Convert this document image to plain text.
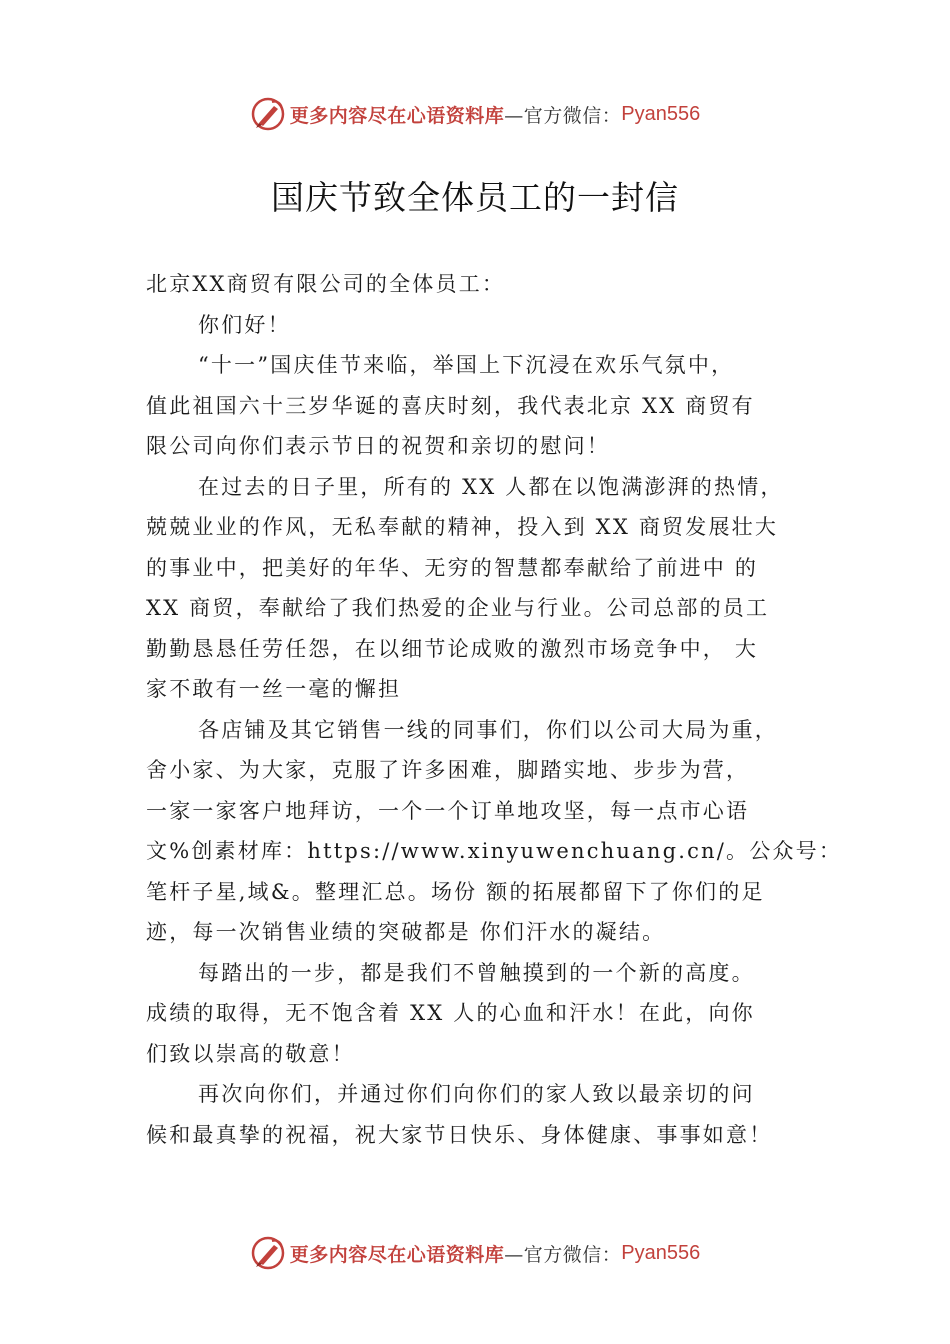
更多内容尽在心语资料库 —官方微信： Pyan556
国庆节致全体员工的一封信

北京XX商贸有限公司的全体员工：

你们好！

“十一”国庆佳节来临，举国上下沉浸在欢乐气氛中，

值此祖国六十三岁华诞的喜庆时刻，我代表北京 XX 商贸有

限公司向你们表示节日的祝贺和亲切的慰问！

在过去的日子里，所有的 XX 人都在以饱满澎湃的热情，

兢兢业业的作风，无私奉献的精神，投入到 XX 商贸发展壮大

的事业中，把美好的年华、无穷的智慧都奉献给了前进中 的

XX 商贸，奉献给了我们热爱的企业与行业。公司总部的员工

勤勤恳恳任劳任怨，在以细节论成败的激烈市场竞争中， 大

家不敢有一丝一毫的懈担

各店铺及其它销售一线的同事们，你们以公司大局为重，

舍小家、为大家，克服了许多困难，脚踏实地、步步为营，

一家一家客户地拜访，一个一个订单地攻坚，每一点市心语

文%创素材库：https://www.xinyuwenchuang.cn/。公众号：

笔杆子星,域&。整理汇总。场份 额的拓展都留下了你们的足

迹，每一次销售业绩的突破都是 你们汗水的凝结。

每踏出的一步，都是我们不曾触摸到的一个新的高度。

成绩的取得，无不饱含着 XX 人的心血和汗水！在此，向你

们致以崇高的敬意！

再次向你们，并通过你们向你们的家人致以最亲切的问

候和最真挚的祝福，祝大家节日快乐、身体健康、事事如意！

更多内容尽在心语资料库 —官方微信： Pyan556
